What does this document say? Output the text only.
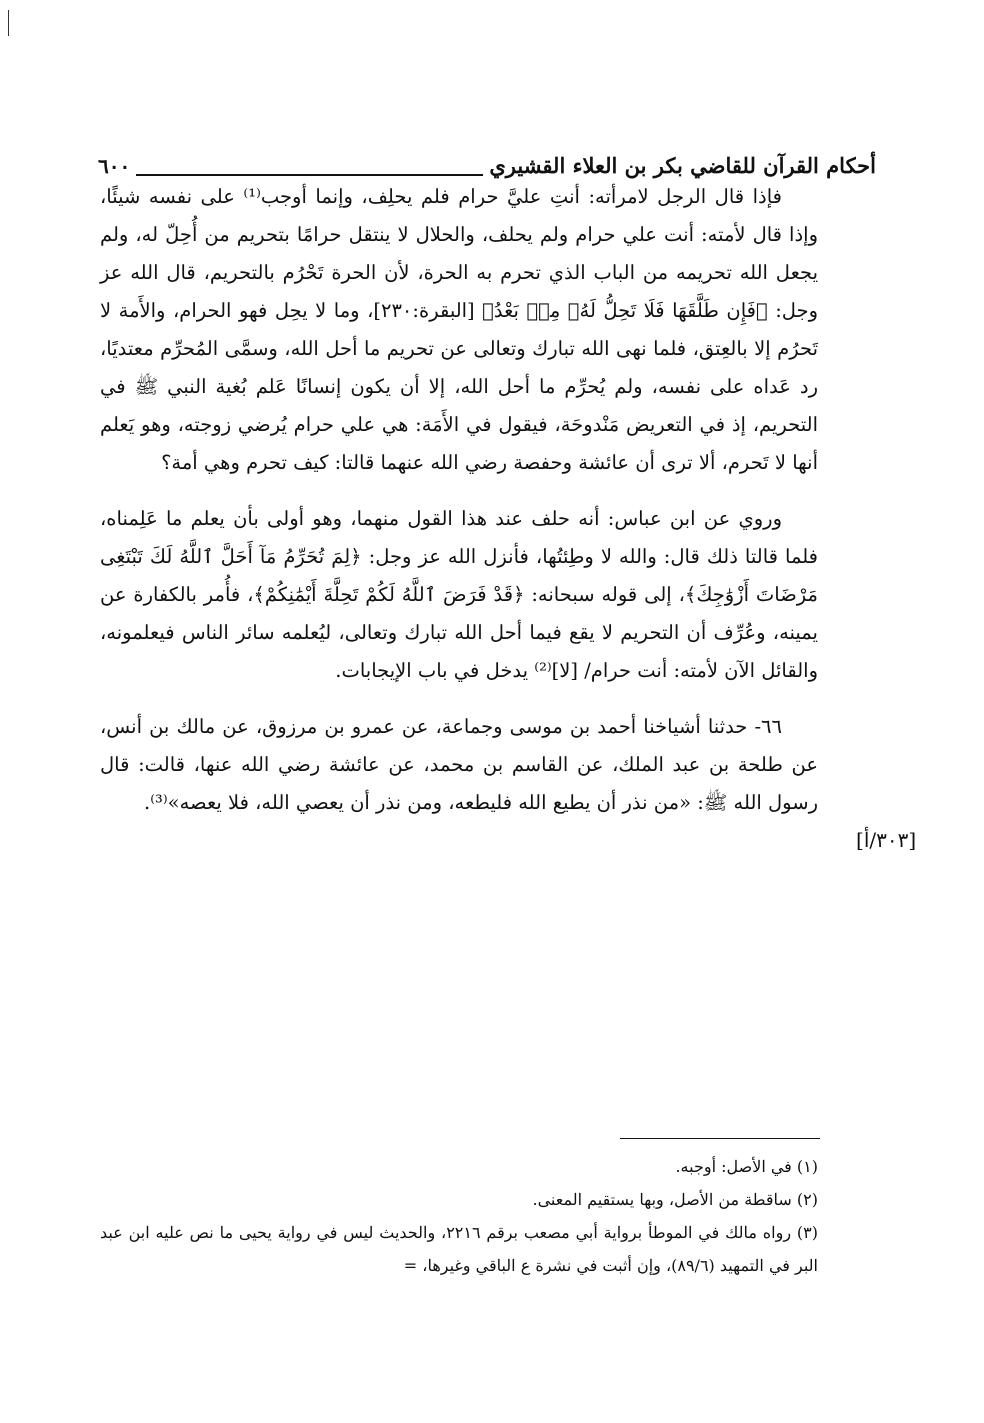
أحكام القرآن للقاضي بكر بن العلاء القشيري
٦٠٠

فإذا قال الرجل لامرأته: أنتِ عليَّ حرام فلم يحلِف، وإنما أوجب⁽¹⁾ على نفسه شيئًا، وإذا قال لأمته: أنت علي حرام ولم يحلف، والحلال لا ينتقل حرامًا بتحريم من أُحِلّ له، ولم يجعل الله تحريمه من الباب الذي تحرم به الحرة، لأن الحرة تَحْرُم بالتحريم، قال الله عز وجل: ﴿فَإِن طَلَّقَهَا فَلَا تَحِلُّ لَهُۥ مِنۢ بَعْدُ﴾ [البقرة:٢٣٠]، وما لا يحِل فهو الحرام، والأَمة لا تَحرُم إلا بالعِتق، فلما نهى الله تبارك وتعالى عن تحريم ما أحل الله، وسمَّى المُحرِّم معتديًا، رد عَداه على نفسه، ولم يُحرِّم ما أحل الله، إلا أن يكون إنسانًا عَلم بُغية النبي ﷺ في التحريم، إذ في التعريض مَنْدوحَة، فيقول في الأَمَة: هي علي حرام يُرضي زوجته، وهو يَعلم أنها لا تَحرم، ألا ترى أن عائشة وحفصة رضي الله عنهما قالتا: كيف تحرم وهي أمة؟

وروي عن ابن عباس: أنه حلف عند هذا القول منهما، وهو أولى بأن يعلم ما عَلِمناه، فلما قالتا ذلك قال: والله لا وطِئتُها، فأنزل الله عز وجل: ﴿لِمَ تُحَرِّمُ مَآ أَحَلَّ ٱللَّهُ لَكَ تَبْتَغِى مَرْضَاتَ أَزْوَٰجِكَ﴾، إلى قوله سبحانه: ﴿قَدْ فَرَضَ ٱللَّهُ لَكُمْ تَحِلَّةَ أَيْمَٰنِكُمْ﴾، فأُمر بالكفارة عن يمينه، وعُرِّف أن التحريم لا يقع فيما أحل الله تبارك وتعالى، ليُعلمه سائر الناس فيعلمونه، والقائل الآن لأمته: أنت حرام/ [لا]⁽²⁾ يدخل في باب الإيجابات.

٦٦- حدثنا أشياخنا أحمد بن موسى وجماعة، عن عمرو بن مرزوق، عن مالك بن أنس، عن طلحة بن عبد الملك، عن القاسم بن محمد، عن عائشة رضي الله عنها، قالت: قال رسول الله ﷺ: «من نذر أن يطيع الله فليطعه، ومن نذر أن يعصي الله، فلا يعصه»⁽³⁾.

[٣٠٣/أ]

(١) في الأصل: أوجبه.

(٢) ساقطة من الأصل، وبها يستقيم المعنى.

(٣) رواه مالك في الموطأ برواية أبي مصعب برقم ٢٢١٦، والحديث ليس في رواية يحيى ما نص عليه ابن عبد البر في التمهيد (٨٩/٦)، وإن أثبت في نشرة ع الباقي وغيرها، =
